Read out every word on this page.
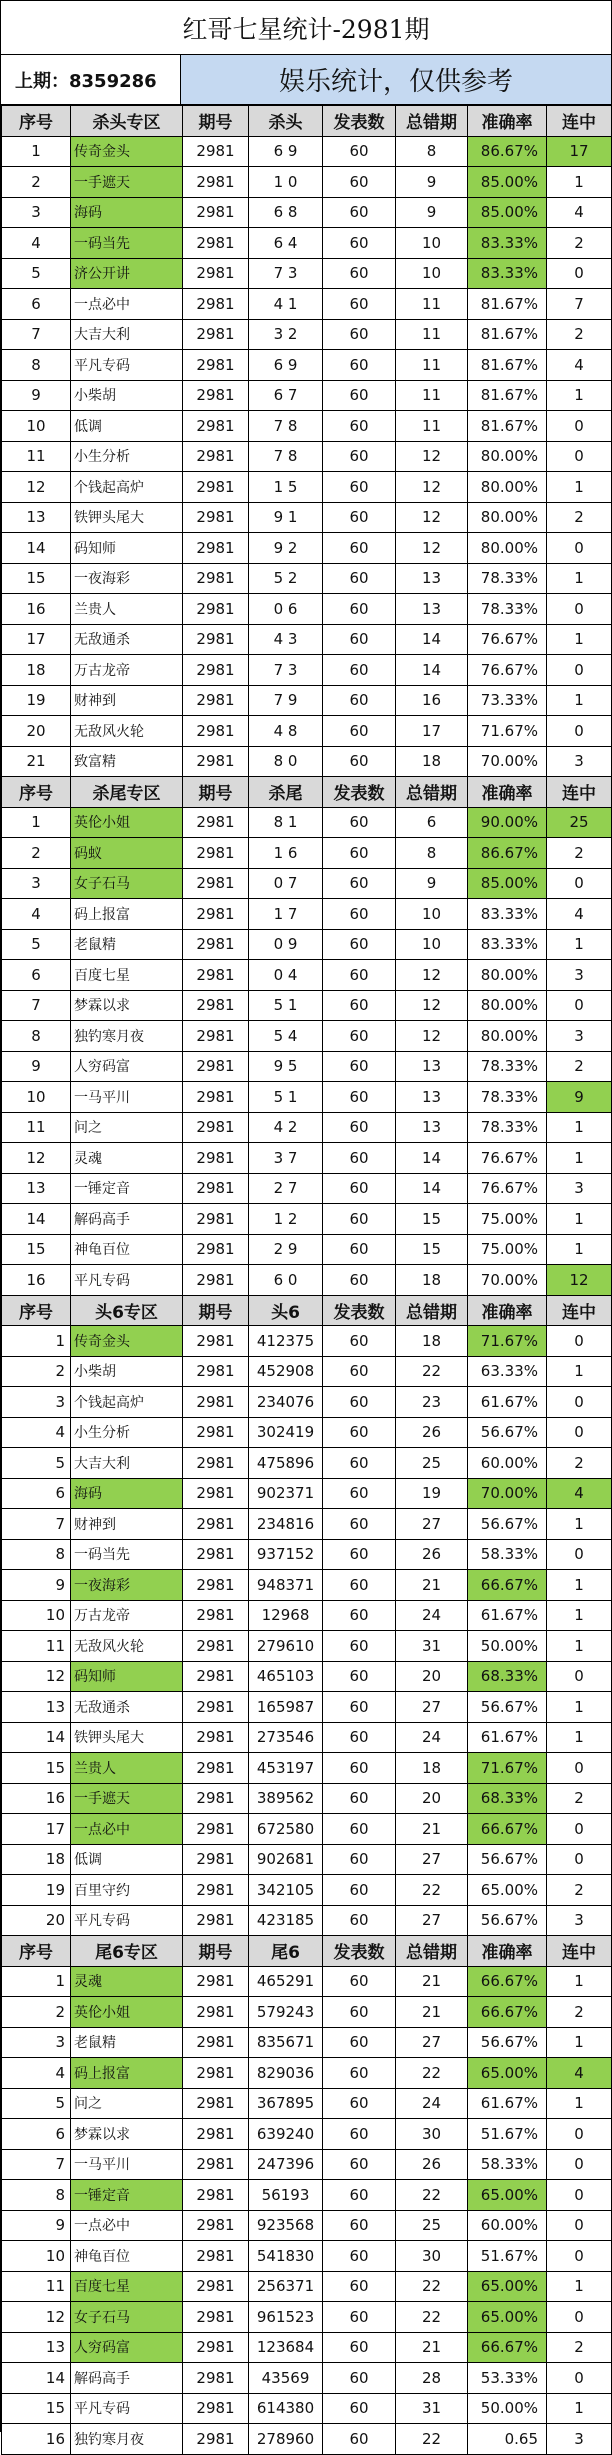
红哥七星统计-2981期
上期：8359286	娱乐统计，仅供参考
序号	杀头专区	期号	杀头	发表数	总错期	准确率	连中
1	传奇金头	2981	6 9	60	8	86.67%	17
2	一手遮天	2981	1 0	60	9	85.00%	1
3	海码	2981	6 8	60	9	85.00%	4
4	一码当先	2981	6 4	60	10	83.33%	2
5	济公开讲	2981	7 3	60	10	83.33%	0
6	一点必中	2981	4 1	60	11	81.67%	7
7	大吉大利	2981	3 2	60	11	81.67%	2
8	平凡专码	2981	6 9	60	11	81.67%	4
9	小柴胡	2981	6 7	60	11	81.67%	1
10	低调	2981	7 8	60	11	81.67%	0
11	小生分析	2981	7 8	60	12	80.00%	0
12	个钱起高炉	2981	1 5	60	12	80.00%	1
13	铁钾头尾大	2981	9 1	60	12	80.00%	2
14	码知师	2981	9 2	60	12	80.00%	0
15	一夜海彩	2981	5 2	60	13	78.33%	1
16	兰贵人	2981	0 6	60	13	78.33%	0
17	无敌通杀	2981	4 3	60	14	76.67%	1
18	万古龙帝	2981	7 3	60	14	76.67%	0
19	财神到	2981	7 9	60	16	73.33%	1
20	无敌风火轮	2981	4 8	60	17	71.67%	0
21	致富精	2981	8 0	60	18	70.00%	3
序号	杀尾专区	期号	杀尾	发表数	总错期	准确率	连中
1	英伦小姐	2981	8 1	60	6	90.00%	25
2	码蚁	2981	1 6	60	8	86.67%	2
3	女子石马	2981	0 7	60	9	85.00%	0
4	码上报富	2981	1 7	60	10	83.33%	4
5	老鼠精	2981	0 9	60	10	83.33%	1
6	百度七星	2981	0 4	60	12	80.00%	3
7	梦霖以求	2981	5 1	60	12	80.00%	0
8	独钓寒月夜	2981	5 4	60	12	80.00%	3
9	人穷码富	2981	9 5	60	13	78.33%	2
10	一马平川	2981	5 1	60	13	78.33%	9
11	问之	2981	4 2	60	13	78.33%	1
12	灵魂	2981	3 7	60	14	76.67%	1
13	一锤定音	2981	2 7	60	14	76.67%	3
14	解码高手	2981	1 2	60	15	75.00%	1
15	神龟百位	2981	2 9	60	15	75.00%	1
16	平凡专码	2981	6 0	60	18	70.00%	12
序号	头6专区	期号	头6	发表数	总错期	准确率	连中
1	传奇金头	2981	412375	60	18	71.67%	0
2	小柴胡	2981	452908	60	22	63.33%	1
3	个钱起高炉	2981	234076	60	23	61.67%	0
4	小生分析	2981	302419	60	26	56.67%	0
5	大吉大利	2981	475896	60	25	60.00%	2
6	海码	2981	902371	60	19	70.00%	4
7	财神到	2981	234816	60	27	56.67%	1
8	一码当先	2981	937152	60	26	58.33%	0
9	一夜海彩	2981	948371	60	21	66.67%	1
10	万古龙帝	2981	12968	60	24	61.67%	1
11	无敌风火轮	2981	279610	60	31	50.00%	1
12	码知师	2981	465103	60	20	68.33%	0
13	无敌通杀	2981	165987	60	27	56.67%	1
14	铁钾头尾大	2981	273546	60	24	61.67%	1
15	兰贵人	2981	453197	60	18	71.67%	0
16	一手遮天	2981	389562	60	20	68.33%	2
17	一点必中	2981	672580	60	21	66.67%	0
18	低调	2981	902681	60	27	56.67%	0
19	百里守约	2981	342105	60	22	65.00%	2
20	平凡专码	2981	423185	60	27	56.67%	3
序号	尾6专区	期号	尾6	发表数	总错期	准确率	连中
1	灵魂	2981	465291	60	21	66.67%	1
2	英伦小姐	2981	579243	60	21	66.67%	2
3	老鼠精	2981	835671	60	27	56.67%	1
4	码上报富	2981	829036	60	22	65.00%	4
5	问之	2981	367895	60	24	61.67%	1
6	梦霖以求	2981	639240	60	30	51.67%	0
7	一马平川	2981	247396	60	26	58.33%	0
8	一锤定音	2981	56193	60	22	65.00%	0
9	一点必中	2981	923568	60	25	60.00%	0
10	神龟百位	2981	541830	60	30	51.67%	0
11	百度七星	2981	256371	60	22	65.00%	1
12	女子石马	2981	961523	60	22	65.00%	0
13	人穷码富	2981	123684	60	21	66.67%	2
14	解码高手	2981	43569	60	28	53.33%	0
15	平凡专码	2981	614380	60	31	50.00%	1
16	独钓寒月夜	2981	278960	60	22	0.65	3
